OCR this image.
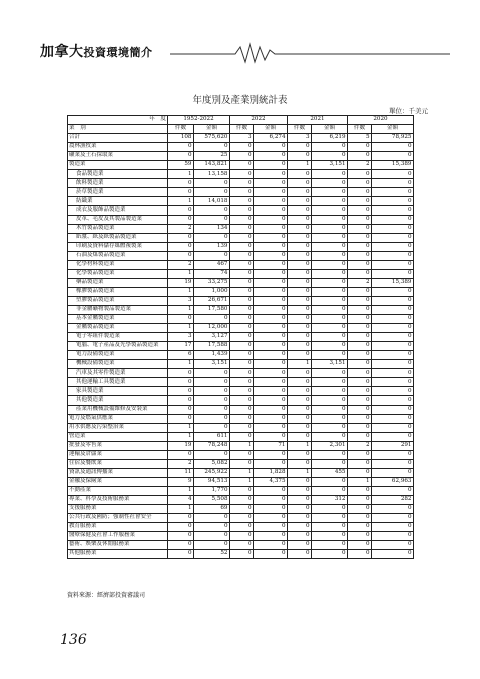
加拿大投資環境簡介
年度別及產業別統計表
單位：千美元
年　度	1952-2022		2022		2021		2020	
業　別	件數	金額	件數	金額	件數	金額	件數	金額
合計	108	575,620	3	6,274	3	6,219	5	78,925
農林漁牧業	0	0	0	0	0	0	0	0
礦業及土石採取業	0	25	0	0	0	0	0	0
製造業	59	143,821	0	0	1	3,151	2	15,389
食品製造業	1	13,158	0	0	0	0	0	0
飲料製造業	0	0	0	0	0	0	0	0
菸草製造業	0	0	0	0	0	0	0	0
紡織業	1	14,018	0	0	0	0	0	0
成衣及服飾品製造業	0	0	0	0	0	0	0	0
皮革、毛皮及其製品製造業	0	0	0	0	0	0	0	0
木竹製品製造業	2	134	0	0	0	0	0	0
紙漿、紙及紙製品製造業	0	0	0	0	0	0	0	0
印刷及資料儲存媒體複製業	0	139	0	0	0	0	0	0
石油及煤製品製造業	0	0	0	0	0	0	0	0
化學材料製造業	2	467	0	0	0	0	0	0
化學製品製造業	1	74	0	0	0	0	0	0
藥品製造業	19	33,275	0	0	0	0	2	15,389
橡膠製品製造業	1	1,000	0	0	0	0	0	0
塑膠製品製造業	3	26,671	0	0	0	0	0	0
非金屬礦物製品製造業	1	17,580	0	0	0	0	0	0
基本金屬製造業	0	0	0	0	0	0	0	0
金屬製品製造業	1	12,000	0	0	0	0	0	0
電子零組件製造業	3	3,127	0	0	0	0	0	0
電腦、電子產品及光學製品製造業	17	17,588	0	0	0	0	0	0
電力設備製造業	6	1,439	0	0	0	0	0	0
機械設備製造業	1	3,151	0	0	1	3,151	0	0
汽車及其零件製造業	0	0	0	0	0	0	0	0
其他運輸工具製造業	0	0	0	0	0	0	0	0
家具製造業	0	0	0	0	0	0	0	0
其他製造業	0	0	0	0	0	0	0	0
產業用機械設備維修及安裝業	0	0	0	0	0	0	0	0
電力及燃氣供應業	0	0	0	0	0	0	0	0
用水供應及污染整治業	1	0	0	0	0	0	0	0
營造業	1	611	0	0	0	0	0	0
批發及零售業	19	78,248	1	71	1	2,301	2	291
運輸及倉儲業	0	0	0	0	0	0	0	0
住宿及餐飲業	2	5,082	0	0	0	0	0	0
資訊及通訊傳播業	11	245,922	1	1,828	1	455	0	0
金融及保險業	9	94,513	1	4,375	0	0	1	62,963
不動產業	1	1,770	0	0	0	0	0	0
專業、科學及技術服務業	4	5,508	0	0	0	312	0	282
支援服務業	1	69	0	0	0	0	0	0
公共行政及國防；強制性社會安全	0	0	0	0	0	0	0	0
教育服務業	0	0	0	0	0	0	0	0
醫療保健及社會工作服務業	0	0	0	0	0	0	0	0
藝術、娛樂及休閒服務業	0	0	0	0	0	0	0	0
其他服務業	0	52	0	0	0	0	0	0
資料來源：經濟部投資審議司
136
